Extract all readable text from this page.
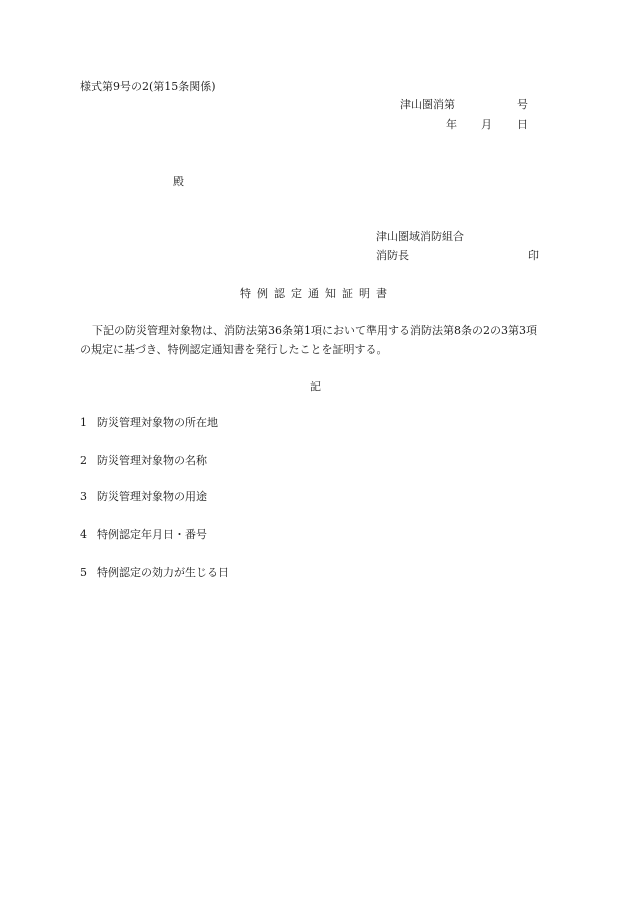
様式第9号の2(第15条関係)
津山圏消第	号
年 月 日
殿
津山圏域消防組合
消防長	印
特例認定通知証明書
下記の防災管理対象物は、消防法第36条第1項において準用する消防法第8条の2の3第3項
の規定に基づき、特例認定通知書を発行したことを証明する。
記
1 防災管理対象物の所在地
2 防災管理対象物の名称
3 防災管理対象物の用途
4 特例認定年月日・番号
5 特例認定の効力が生じる日
